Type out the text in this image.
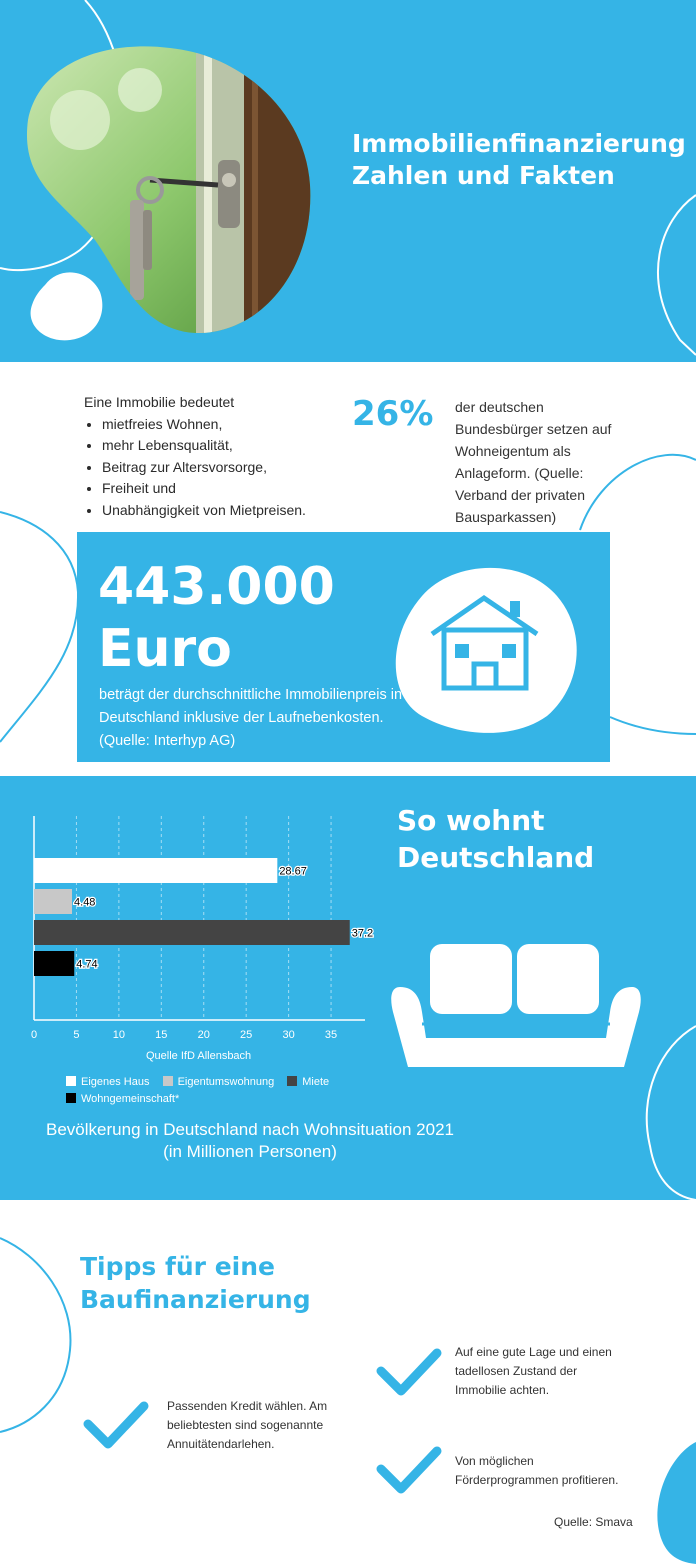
Immobilienfinanzierung
Zahlen und Fakten
Eine Immobilie bedeutet
• mietfreies Wohnen,
• mehr Lebensqualität,
• Beitrag zur Altersvorsorge,
• Freiheit und
• Unabhängigkeit von Mietpreisen.
26% der deutschen Bundesbürger setzen auf Wohneigentum als Anlageform. (Quelle: Verband der privaten Bausparkassen)
443.000
Euro
beträgt der durchschnittliche Immobilienpreis in Deutschland inklusive der Laufnebenkosten. (Quelle: Interhyp AG)
0	5	10	15	20	25	30	35
28.67
4.48
37.2
4.74
Quelle IfD Allensbach
Eigenes Haus	Eigentumswohnung	Miete
Wohngemeinschaft*
Bevölkerung in Deutschland nach Wohnsituation 2021 (in Millionen Personen)
So wohnt
Deutschland
Tipps für eine
Baufinanzierung
Passenden Kredit wählen. Am beliebtesten sind sogenannte Annuitätendarlehen.
Auf eine gute Lage und einen tadellosen Zustand der Immobilie achten.
Von möglichen Förderprogrammen profitieren.
Quelle: Smava
